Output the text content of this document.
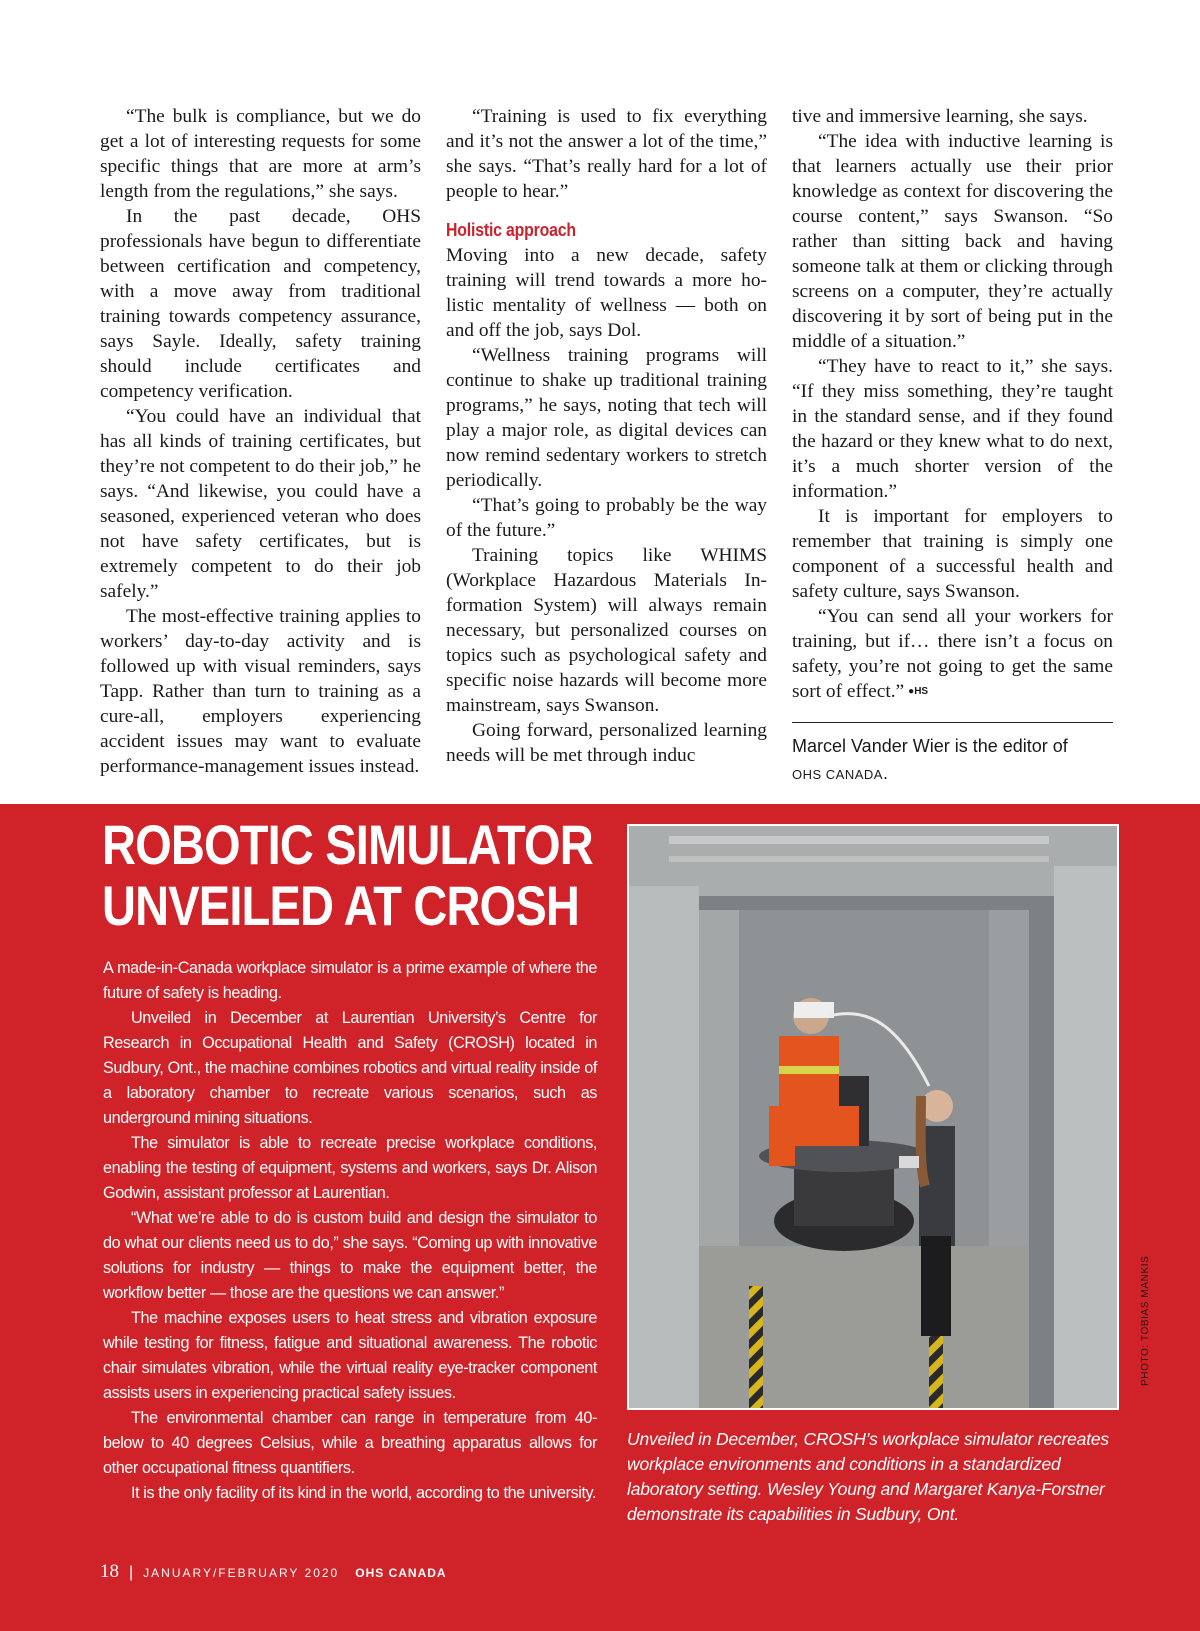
“The bulk is compliance, but we do get a lot of interesting requests for some specific things that are more at arm’s length from the regulations,” she says.

In the past decade, OHS professionals have begun to differentiate between certification and competency, with a move away from traditional training towards competency assurance, says Sayle. Ideally, safety training should include certificates and competency verification.

“You could have an individual that has all kinds of training certificates, but they’re not competent to do their job,” he says. “And likewise, you could have a seasoned, experienced veteran who does not have safety certificates, but is extremely competent to do their job safely.”

The most-effective training applies to workers’ day-to-day activity and is followed up with visual reminders, says Tapp. Rather than turn to training as a cure-all, employers experiencing accident issues may want to evaluate performance-management issues instead.

“Training is used to fix everything and it’s not the answer a lot of the time,” she says. “That’s really hard for a lot of people to hear.”

Holistic approach

Moving into a new decade, safety training will trend towards a more holistic mentality of wellness — both on and off the job, says Dol.

“Wellness training programs will continue to shake up traditional training programs,” he says, noting that tech will play a major role, as digital devices can now remind sedentary workers to stretch periodically.

“That’s going to probably be the way of the future.”

Training topics like WHIMS (Workplace Hazardous Materials Information System) will always remain necessary, but personalized courses on topics such as psychological safety and specific noise hazards will become more mainstream, says Swanson.

Going forward, personalized learning needs will be met through induc

tive and immersive learning, she says.

“The idea with inductive learning is that learners actually use their prior knowledge as context for discovering the course content,” says Swanson. “So rather than sitting back and having someone talk at them or clicking through screens on a computer, they’re actually discovering it by sort of being put in the middle of a situation.”

“They have to react to it,” she says. “If they miss something, they’re taught in the standard sense, and if they found the hazard or they knew what to do next, it’s a much shorter version of the information.”

It is important for employers to remember that training is simply one component of a successful health and safety culture, says Swanson.

“You can send all your workers for training, but if… there isn’t a focus on safety, you’re not going to get the same sort of effect.” ●HS

Marcel Vander Wier is the editor of
OHS CANADA.
ROBOTIC SIMULATOR
UNVEILED AT CROSH

A made-in-Canada workplace simulator is a prime example of where the future of safety is heading.

Unveiled in December at Laurentian University’s Centre for Research in Occupational Health and Safety (CROSH) located in Sudbury, Ont., the machine combines robotics and virtual reality inside of a laboratory chamber to recreate various scenarios, such as underground mining situations.

The simulator is able to recreate precise workplace conditions, enabling the testing of equipment, systems and workers, says Dr. Alison Godwin, assistant professor at Laurentian.

“What we’re able to do is custom build and design the simulator to do what our clients need us to do,” she says. “Coming up with innovative solutions for industry — things to make the equipment better, the workflow better — those are the questions we can answer.”

The machine exposes users to heat stress and vibration exposure while testing for fitness, fatigue and situational awareness. The robotic chair simulates vibration, while the virtual reality eye-tracker component assists users in experiencing practical safety issues.

The environmental chamber can range in temperature from 40-below to 40 degrees Celsius, while a breathing apparatus allows for other occupational fitness quantifiers.

It is the only facility of its kind in the world, according to the university.

Unveiled in December, CROSH’s workplace simulator recreates workplace environments and conditions in a standardized laboratory setting. Wesley Young and Margaret Kanya-Forstner demonstrate its capabilities in Sudbury, Ont.
PHOTO: TOBIAS MANKIS
18 | JANUARY/FEBRUARY 2020 OHS CANADA
